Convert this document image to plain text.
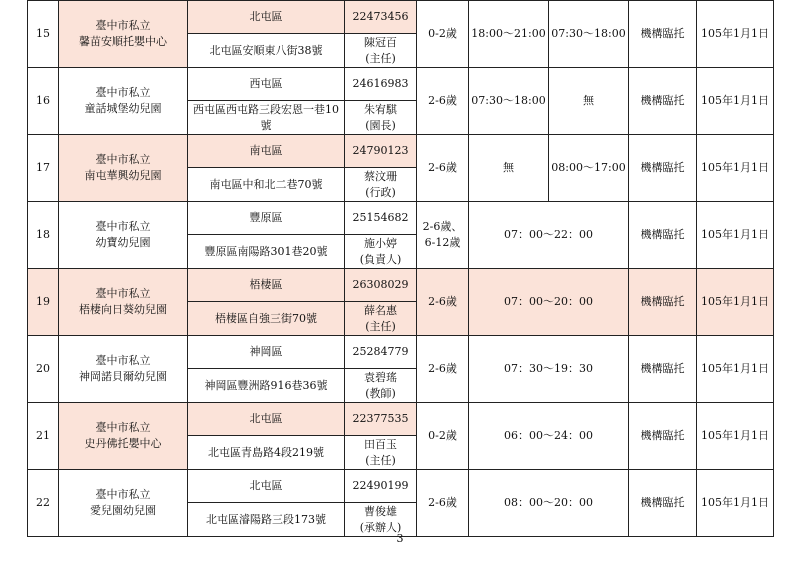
15	臺中市私立
馨苗安順托嬰中心	北屯區	22473456	0-2歲	18:00～21:00	07:30～18:00	機構臨托	105年1月1日
		北屯區安順東八街38號	陳冠百
(主任)					

16	臺中市私立
童話城堡幼兒園	西屯區	24616983	2-6歲	07:30～18:00	無	機構臨托	105年1月1日
		西屯區西屯路三段宏恩一巷10號	朱宥騏
(園長)					

17	臺中市私立
南屯華興幼兒園	南屯區	24790123	2-6歲	無	08:00～17:00	機構臨托	105年1月1日
		南屯區中和北二巷70號	蔡汶珊
(行政)					

18	臺中市私立
幼寶幼兒園	豐原區	25154682	2-6歲、
6-12歲	07：00～22：00		機構臨托	105年1月1日
		豐原區南陽路301巷20號	施小婷
(負責人)					

19	臺中市私立
梧棲向日葵幼兒園	梧棲區	26308029	2-6歲	07：00～20：00		機構臨托	105年1月1日
		梧棲區自強三街70號	薛名惠
(主任)					

20	臺中市私立
神岡諾貝爾幼兒園	神岡區	25284779	2-6歲	07：30～19：30		機構臨托	105年1月1日
		神岡區豐洲路916巷36號	袁碧瑤
(教師)					

21	臺中市私立
史丹佛托嬰中心	北屯區	22377535	0-2歲	06：00～24：00		機構臨托	105年1月1日
		北屯區青島路4段219號	田百玉
(主任)					

22	臺中市私立
愛兒園幼兒園	北屯區	22490199	2-6歲	08：00～20：00		機構臨托	105年1月1日
		北屯區濬陽路三段173號	曹俊雄
(承辦人)					
3
